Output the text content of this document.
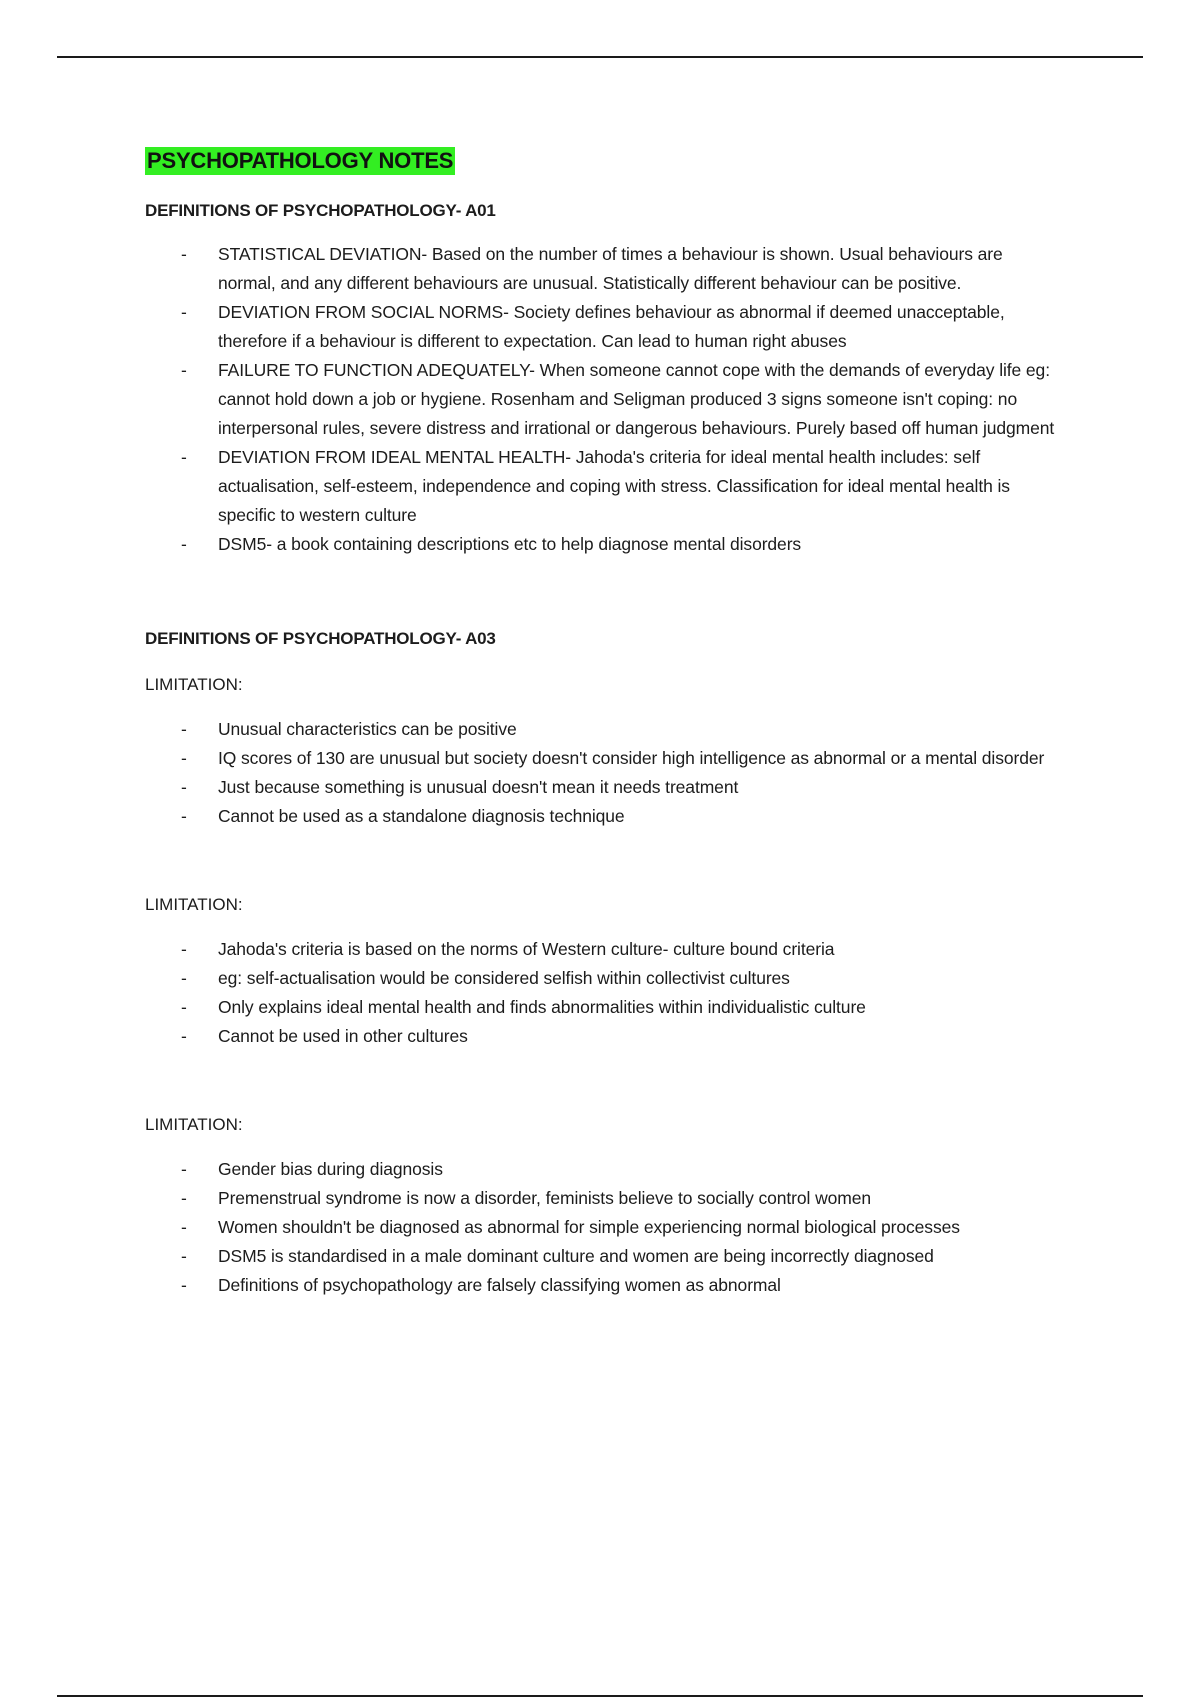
PSYCHOPATHOLOGY NOTES
DEFINITIONS OF PSYCHOPATHOLOGY- A01
- STATISTICAL DEVIATION- Based on the number of times a behaviour is shown. Usual behaviours are normal, and any different behaviours are unusual. Statistically different behaviour can be positive.
- DEVIATION FROM SOCIAL NORMS- Society defines behaviour as abnormal if deemed unacceptable, therefore if a behaviour is different to expectation. Can lead to human right abuses
- FAILURE TO FUNCTION ADEQUATELY- When someone cannot cope with the demands of everyday life eg: cannot hold down a job or hygiene. Rosenham and Seligman produced 3 signs someone isn't coping: no interpersonal rules, severe distress and irrational or dangerous behaviours. Purely based off human judgment
- DEVIATION FROM IDEAL MENTAL HEALTH- Jahoda's criteria for ideal mental health includes: self actualisation, self-esteem, independence and coping with stress. Classification for ideal mental health is specific to western culture
- DSM5- a book containing descriptions etc to help diagnose mental disorders
DEFINITIONS OF PSYCHOPATHOLOGY- A03

LIMITATION:

- Unusual characteristics can be positive
- IQ scores of 130 are unusual but society doesn't consider high intelligence as abnormal or a mental disorder
- Just because something is unusual doesn't mean it needs treatment
- Cannot be used as a standalone diagnosis technique

LIMITATION:

- Jahoda's criteria is based on the norms of Western culture- culture bound criteria
- eg: self-actualisation would be considered selfish within collectivist cultures
- Only explains ideal mental health and finds abnormalities within individualistic culture
- Cannot be used in other cultures

LIMITATION:

- Gender bias during diagnosis
- Premenstrual syndrome is now a disorder, feminists believe to socially control women
- Women shouldn't be diagnosed as abnormal for simple experiencing normal biological processes
- DSM5 is standardised in a male dominant culture and women are being incorrectly diagnosed
- Definitions of psychopathology are falsely classifying women as abnormal
